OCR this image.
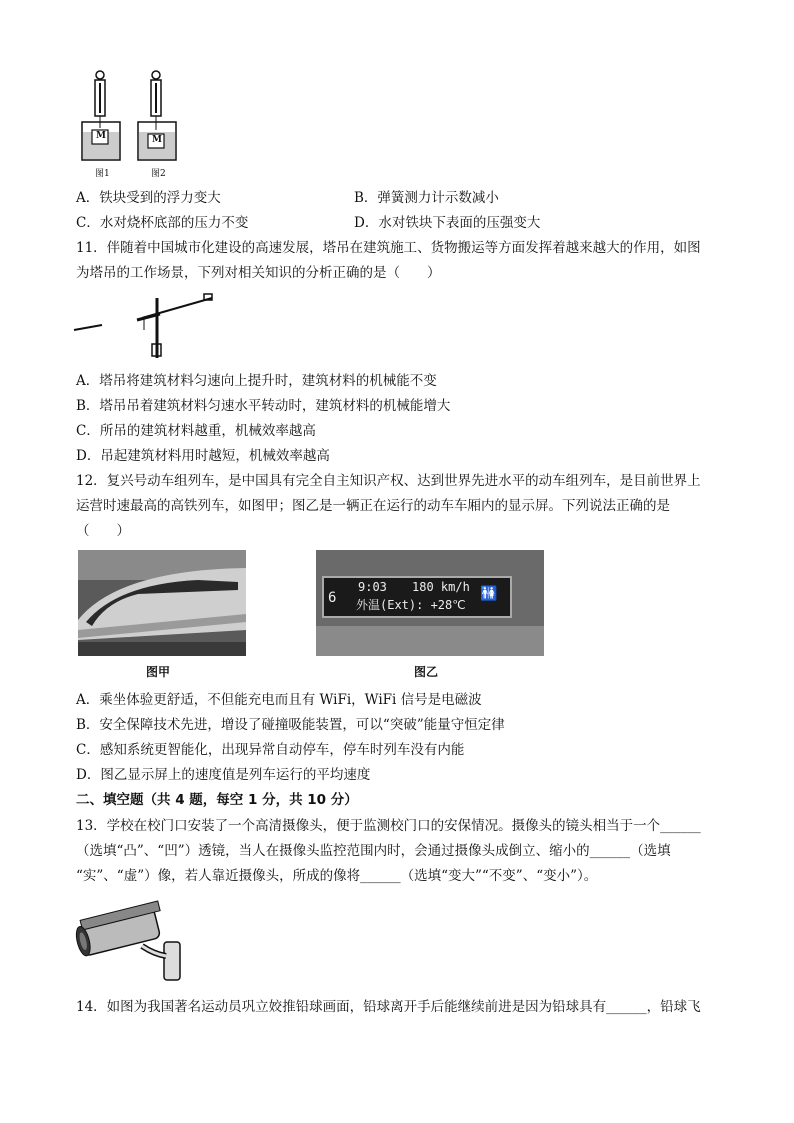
M	M
图1	图2
A．铁块受到的浮力变大	B．弹簧测力计示数减小
C．水对烧杯底部的压力不变	D．水对铁块下表面的压强变大
11．伴随着中国城市化建设的高速发展，塔吊在建筑施工、货物搬运等方面发挥着越来越大的作用，如图
为塔吊的工作场景，下列对相关知识的分析正确的是（　　）
A．塔吊将建筑材料匀速向上提升时，建筑材料的机械能不变
B．塔吊吊着建筑材料匀速水平转动时，建筑材料的机械能增大
C．所吊的建筑材料越重，机械效率越高
D．吊起建筑材料用时越短，机械效率越高
12．复兴号动车组列车，是中国具有完全自主知识产权、达到世界先进水平的动车组列车，是目前世界上
运营时速最高的高铁列车，如图甲；图乙是一辆正在运行的动车车厢内的显示屏。下列说法正确的是
（　　）
图甲
6
9:03 180 km/h
外温(Ext): +28℃
🚻
图乙
A．乘坐体验更舒适，不但能充电而且有 WiFi，WiFi 信号是电磁波
B．安全保障技术先进，增设了碰撞吸能装置，可以“突破”能量守恒定律
C．感知系统更智能化，出现异常自动停车，停车时列车没有内能
D．图乙显示屏上的速度值是列车运行的平均速度
二、填空题（共 4 题，每空 1 分，共 10 分）
13．学校在校门口安装了一个高清摄像头，便于监测校门口的安保情况。摄像头的镜头相当于一个______
（选填“凸”、“凹”）透镜，当人在摄像头监控范围内时，会通过摄像头成倒立、缩小的______（选填
“实”、“虚”）像，若人靠近摄像头，所成的像将______（选填“变大”“不变”、“变小”）。
14．如图为我国著名运动员巩立姣推铅球画面，铅球离开手后能继续前进是因为铅球具有______，铅球飞
